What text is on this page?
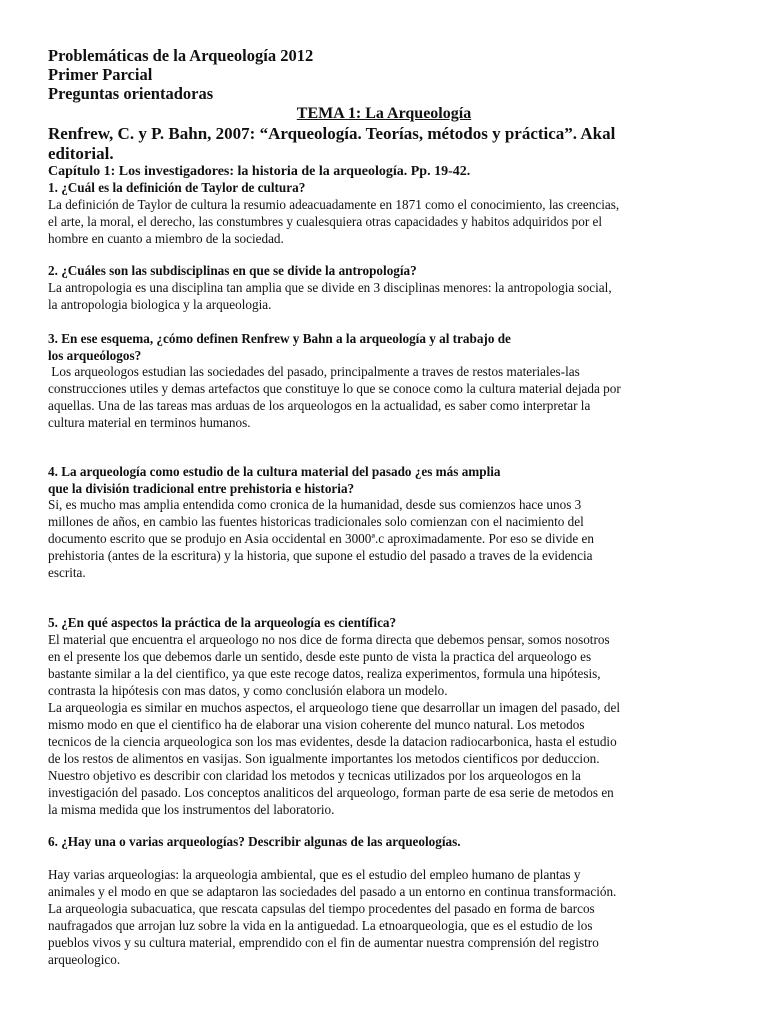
Problemáticas de la Arqueología 2012
Primer Parcial
Preguntas orientadoras
TEMA 1: La Arqueología
Renfrew, C. y P. Bahn, 2007: “Arqueología. Teorías, métodos y práctica”. Akal
editorial.
Capítulo 1: Los investigadores: la historia de la arqueología. Pp. 19-42.
1. ¿Cuál es la definición de Taylor de cultura?
La definición de Taylor de cultura la resumio adeacuadamente en 1871 como el conocimiento, las creencias,
el arte, la moral, el derecho, las constumbres y cualesquiera otras capacidades y habitos adquiridos por el
hombre en cuanto a miembro de la sociedad.
2. ¿Cuáles son las subdisciplinas en que se divide la antropología?
La antropologia es una disciplina tan amplia que se divide en 3 disciplinas menores: la antropologia social,
la antropologia biologica y la arqueologia.
3. En ese esquema, ¿cómo definen Renfrew y Bahn a la arqueología y al trabajo de
los arqueólogos?
Los arqueologos estudian las sociedades del pasado, principalmente a traves de restos materiales-las
construcciones utiles y demas artefactos que constituye lo que se conoce como la cultura material dejada por
aquellas. Una de las tareas mas arduas de los arqueologos en la actualidad, es saber como interpretar la
cultura material en terminos humanos.
4. La arqueología como estudio de la cultura material del pasado ¿es más amplia
que la división tradicional entre prehistoria e historia?
Si, es mucho mas amplia entendida como cronica de la humanidad, desde sus comienzos hace unos 3
millones de años, en cambio las fuentes historicas tradicionales solo comienzan con el nacimiento del
documento escrito que se produjo en Asia occidental en 3000ª.c aproximadamente. Por eso se divide en
prehistoria (antes de la escritura) y la historia, que supone el estudio del pasado a traves de la evidencia
escrita.
5. ¿En qué aspectos la práctica de la arqueología es científica?
El material que encuentra el arqueologo no nos dice de forma directa que debemos pensar, somos nosotros
en el presente los que debemos darle un sentido, desde este punto de vista la practica del arqueologo es
bastante similar a la del cientifico, ya que este recoge datos, realiza experimentos, formula una hipótesis,
contrasta la hipótesis con mas datos, y como conclusión elabora un modelo.
La arqueologia es similar en muchos aspectos, el arqueologo tiene que desarrollar un imagen del pasado, del
mismo modo en que el cientifico ha de elaborar una vision coherente del munco natural. Los metodos
tecnicos de la ciencia arqueologica son los mas evidentes, desde la datacion radiocarbonica, hasta el estudio
de los restos de alimentos en vasijas. Son igualmente importantes los metodos cientificos por deduccion.
Nuestro objetivo es describir con claridad los metodos y tecnicas utilizados por los arqueologos en la
investigación del pasado. Los conceptos analiticos del arqueologo, forman parte de esa serie de metodos en
la misma medida que los instrumentos del laboratorio.
6. ¿Hay una o varias arqueologías? Describir algunas de las arqueologías.
Hay varias arqueologias: la arqueologia ambiental, que es el estudio del empleo humano de plantas y
animales y el modo en que se adaptaron las sociedades del pasado a un entorno en continua transformación.
La arqueologia subacuatica, que rescata capsulas del tiempo procedentes del pasado en forma de barcos
naufragados que arrojan luz sobre la vida en la antiguedad. La etnoarqueologia, que es el estudio de los
pueblos vivos y su cultura material, emprendido con el fin de aumentar nuestra comprensión del registro
arqueologico.
